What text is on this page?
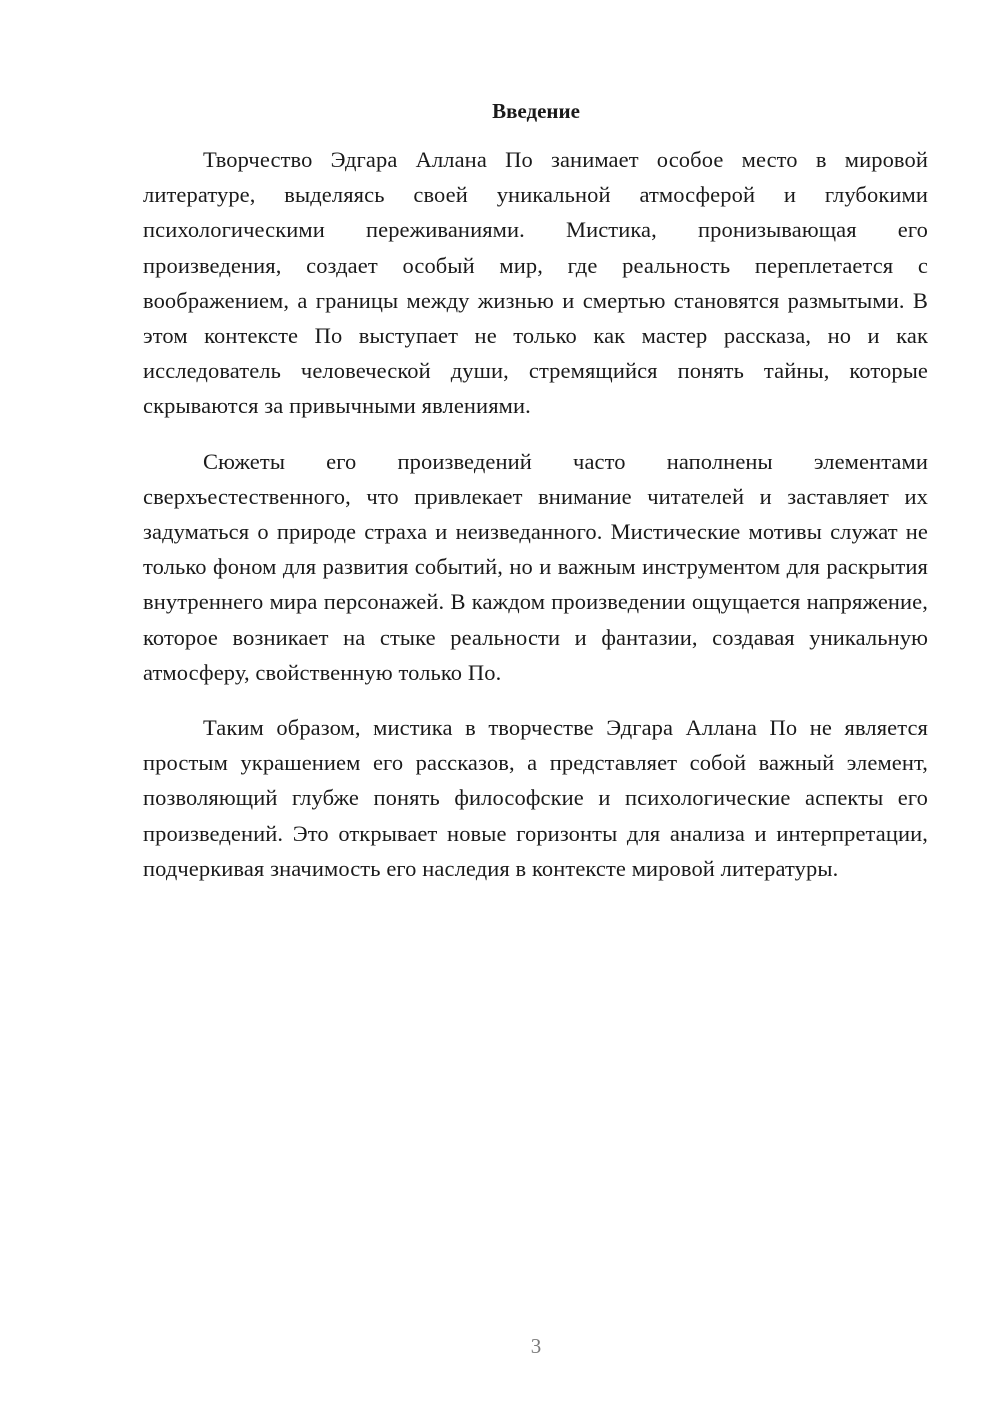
Введение

Творчество Эдгара Аллана По занимает особое место в мировой литературе, выделяясь своей уникальной атмосферой и глубокими психологическими переживаниями. Мистика, пронизывающая его произведения, создает особый мир, где реальность переплетается с воображением, а границы между жизнью и смертью становятся размытыми. В этом контексте По выступает не только как мастер рассказа, но и как исследователь человеческой души, стремящийся понять тайны, которые скрываются за привычными явлениями.

Сюжеты его произведений часто наполнены элементами сверхъестественного, что привлекает внимание читателей и заставляет их задуматься о природе страха и неизведанного. Мистические мотивы служат не только фоном для развития событий, но и важным инструментом для раскрытия внутреннего мира персонажей. В каждом произведении ощущается напряжение, которое возникает на стыке реальности и фантазии, создавая уникальную атмосферу, свойственную только По.

Таким образом, мистика в творчестве Эдгара Аллана По не является простым украшением его рассказов, а представляет собой важный элемент, позволяющий глубже понять философские и психологические аспекты его произведений. Это открывает новые горизонты для анализа и интерпретации, подчеркивая значимость его наследия в контексте мировой литературы.

3
